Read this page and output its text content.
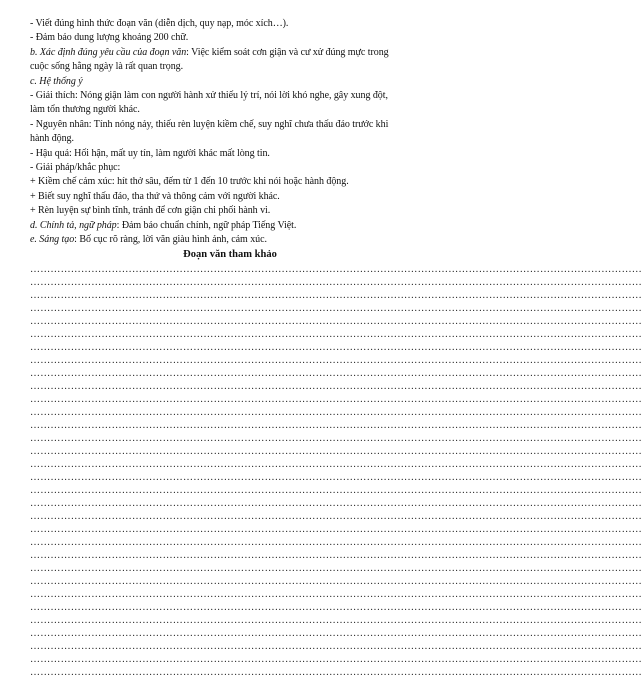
- Viết đúng hình thức đoạn văn (diễn dịch, quy nạp, móc xích…).
- Đảm bảo dung lượng khoảng 200 chữ.
b. Xác định đúng yêu cầu của đoạn văn: Việc kiểm soát cơn giận và cư xử đúng mực trong
cuộc sống hằng ngày là rất quan trọng.
c. Hệ thống ý
- Giải thích: Nóng giận làm con người hành xử thiếu lý trí, nói lời khó nghe, gây xung đột,
làm tổn thương người khác.
- Nguyên nhân: Tính nóng nảy, thiếu rèn luyện kiềm chế, suy nghĩ chưa thấu đáo trước khi
hành động.
- Hậu quả: Hối hận, mất uy tín, làm người khác mất lòng tin.
- Giải pháp/khắc phục:
+ Kiềm chế cảm xúc: hít thở sâu, đếm từ 1 đến 10 trước khi nói hoặc hành động.
+ Biết suy nghĩ thấu đáo, tha thứ và thông cảm với người khác.
+ Rèn luyện sự bình tĩnh, tránh để cơn giận chi phối hành vi.
d. Chính tả, ngữ pháp: Đảm bảo chuẩn chính, ngữ pháp Tiếng Việt.
e. Sáng tạo: Bố cục rõ ràng, lời văn giàu hình ảnh, cảm xúc.
Đoạn văn tham khảo
………………………………………………………………………………………………………………………………………………………………
………………………………………………………………………………………………………………………………………………………………
………………………………………………………………………………………………………………………………………………………………
………………………………………………………………………………………………………………………………………………………………
………………………………………………………………………………………………………………………………………………………………
………………………………………………………………………………………………………………………………………………………………
………………………………………………………………………………………………………………………………………………………………
………………………………………………………………………………………………………………………………………………………………
………………………………………………………………………………………………………………………………………………………………
………………………………………………………………………………………………………………………………………………………………
………………………………………………………………………………………………………………………………………………………………
………………………………………………………………………………………………………………………………………………………………
………………………………………………………………………………………………………………………………………………………………
………………………………………………………………………………………………………………………………………………………………
………………………………………………………………………………………………………………………………………………………………
………………………………………………………………………………………………………………………………………………………………
………………………………………………………………………………………………………………………………………………………………
………………………………………………………………………………………………………………………………………………………………
………………………………………………………………………………………………………………………………………………………………
………………………………………………………………………………………………………………………………………………………………
………………………………………………………………………………………………………………………………………………………………
………………………………………………………………………………………………………………………………………………………………
………………………………………………………………………………………………………………………………………………………………
………………………………………………………………………………………………………………………………………………………………
………………………………………………………………………………………………………………………………………………………………
………………………………………………………………………………………………………………………………………………………………
………………………………………………………………………………………………………………………………………………………………
………………………………………………………………………………………………………………………………………………………………
………………………………………………………………………………………………………………………………………………………………
………………………………………………………………………………………………………………………………………………………………
………………………………………………………………………………………………………………………………………………………………
………………………………………………………………………………………………………………………………………………………………
